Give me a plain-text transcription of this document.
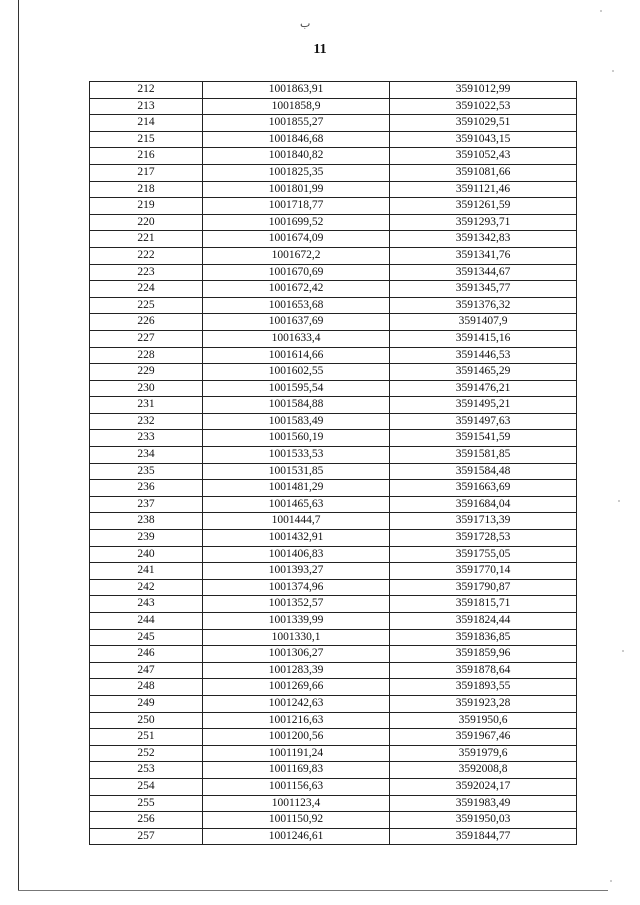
ب
11
212	1001863,91	3591012,99
213	1001858,9	3591022,53
214	1001855,27	3591029,51
215	1001846,68	3591043,15
216	1001840,82	3591052,43
217	1001825,35	3591081,66
218	1001801,99	3591121,46
219	1001718,77	3591261,59
220	1001699,52	3591293,71
221	1001674,09	3591342,83
222	1001672,2	3591341,76
223	1001670,69	3591344,67
224	1001672,42	3591345,77
225	1001653,68	3591376,32
226	1001637,69	3591407,9
227	1001633,4	3591415,16
228	1001614,66	3591446,53
229	1001602,55	3591465,29
230	1001595,54	3591476,21
231	1001584,88	3591495,21
232	1001583,49	3591497,63
233	1001560,19	3591541,59
234	1001533,53	3591581,85
235	1001531,85	3591584,48
236	1001481,29	3591663,69
237	1001465,63	3591684,04
238	1001444,7	3591713,39
239	1001432,91	3591728,53
240	1001406,83	3591755,05
241	1001393,27	3591770,14
242	1001374,96	3591790,87
243	1001352,57	3591815,71
244	1001339,99	3591824,44
245	1001330,1	3591836,85
246	1001306,27	3591859,96
247	1001283,39	3591878,64
248	1001269,66	3591893,55
249	1001242,63	3591923,28
250	1001216,63	3591950,6
251	1001200,56	3591967,46
252	1001191,24	3591979,6
253	1001169,83	3592008,8
254	1001156,63	3592024,17
255	1001123,4	3591983,49
256	1001150,92	3591950,03
257	1001246,61	3591844,77
